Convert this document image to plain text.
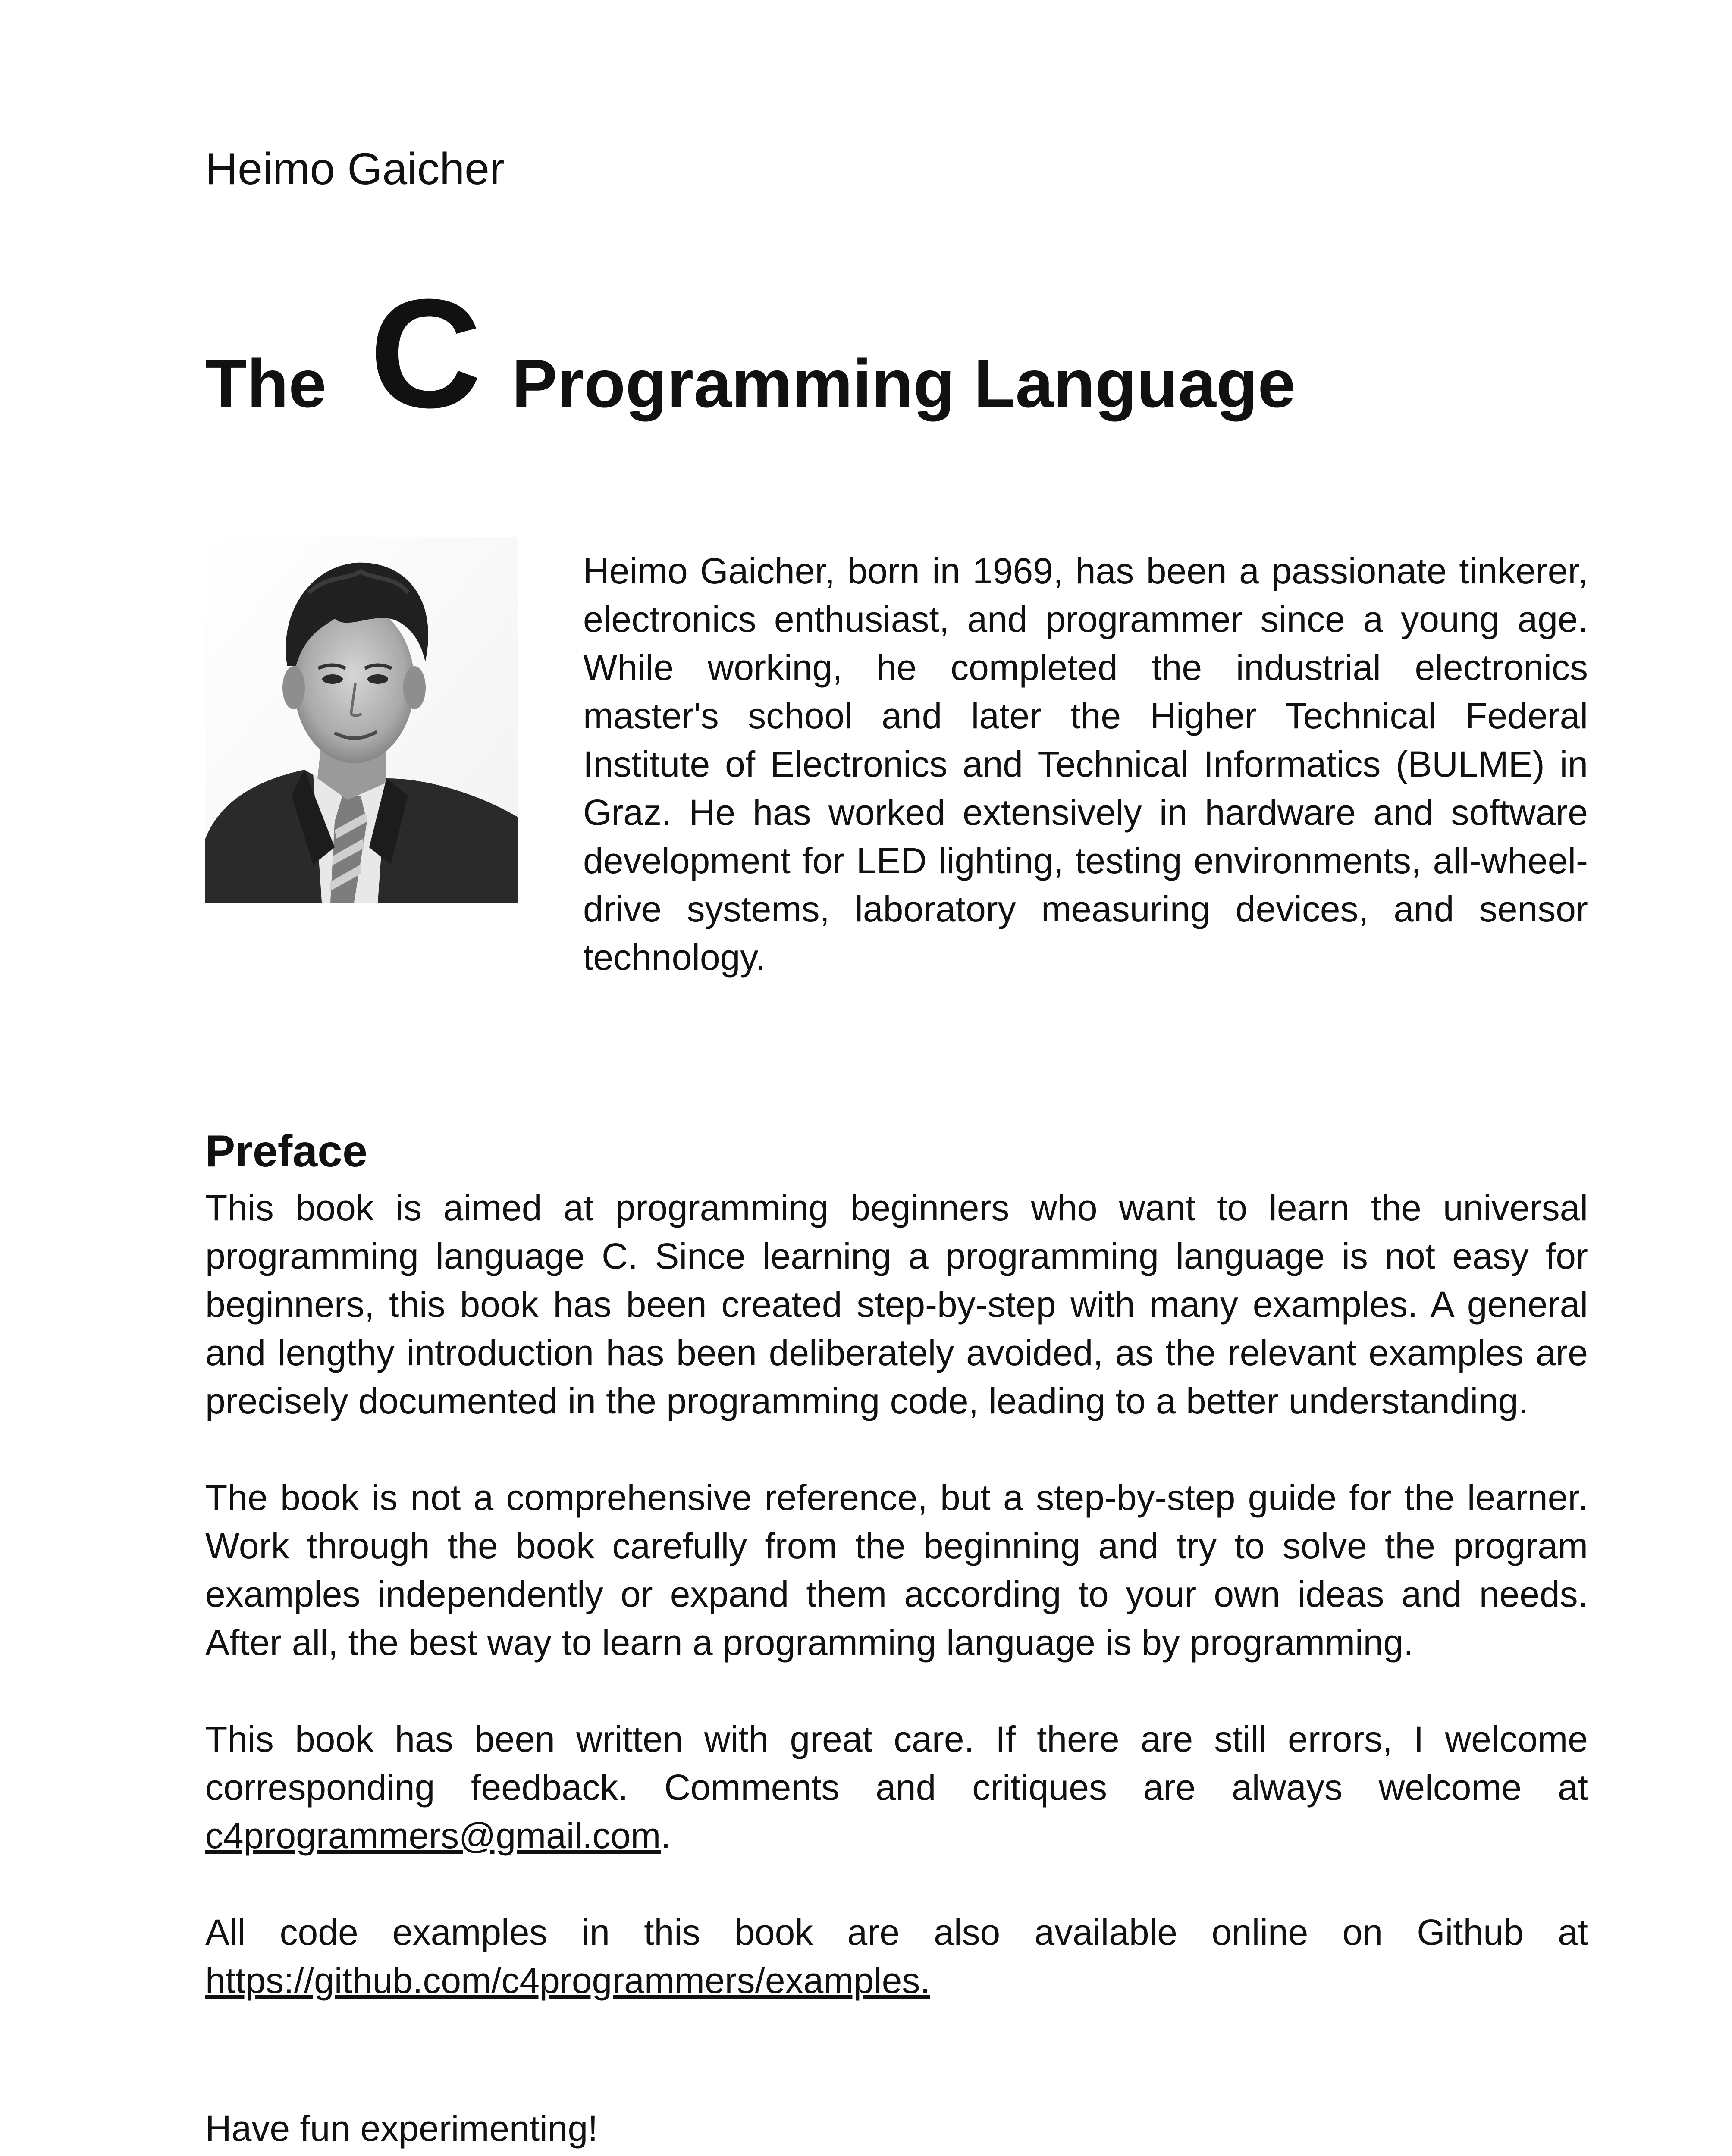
Heimo Gaicher
The C Programming Language
Heimo Gaicher, born in 1969, has been a passionate tinkerer, electronics enthusiast, and programmer since a young age. While working, he completed the industrial electronics master's school and later the Higher Technical Federal Institute of Electronics and Technical Informatics (BULME) in Graz. He has worked extensively in hardware and software development for LED lighting, testing environments, all-wheel-drive systems, laboratory measuring devices, and sensor technology.
Preface

This book is aimed at programming beginners who want to learn the universal programming language C. Since learning a programming language is not easy for beginners, this book has been created step-by-step with many examples. A general and lengthy introduction has been deliberately avoided, as the relevant examples are precisely documented in the programming code, leading to a better understanding.

The book is not a comprehensive reference, but a step-by-step guide for the learner. Work through the book carefully from the beginning and try to solve the program examples independently or expand them according to your own ideas and needs. After all, the best way to learn a programming language is by programming.

This book has been written with great care. If there are still errors, I welcome corresponding feedback. Comments and critiques are always welcome at c4programmers@gmail.com.

All code examples in this book are also available online on Github at https://github.com/c4programmers/examples.

Have fun experimenting!
